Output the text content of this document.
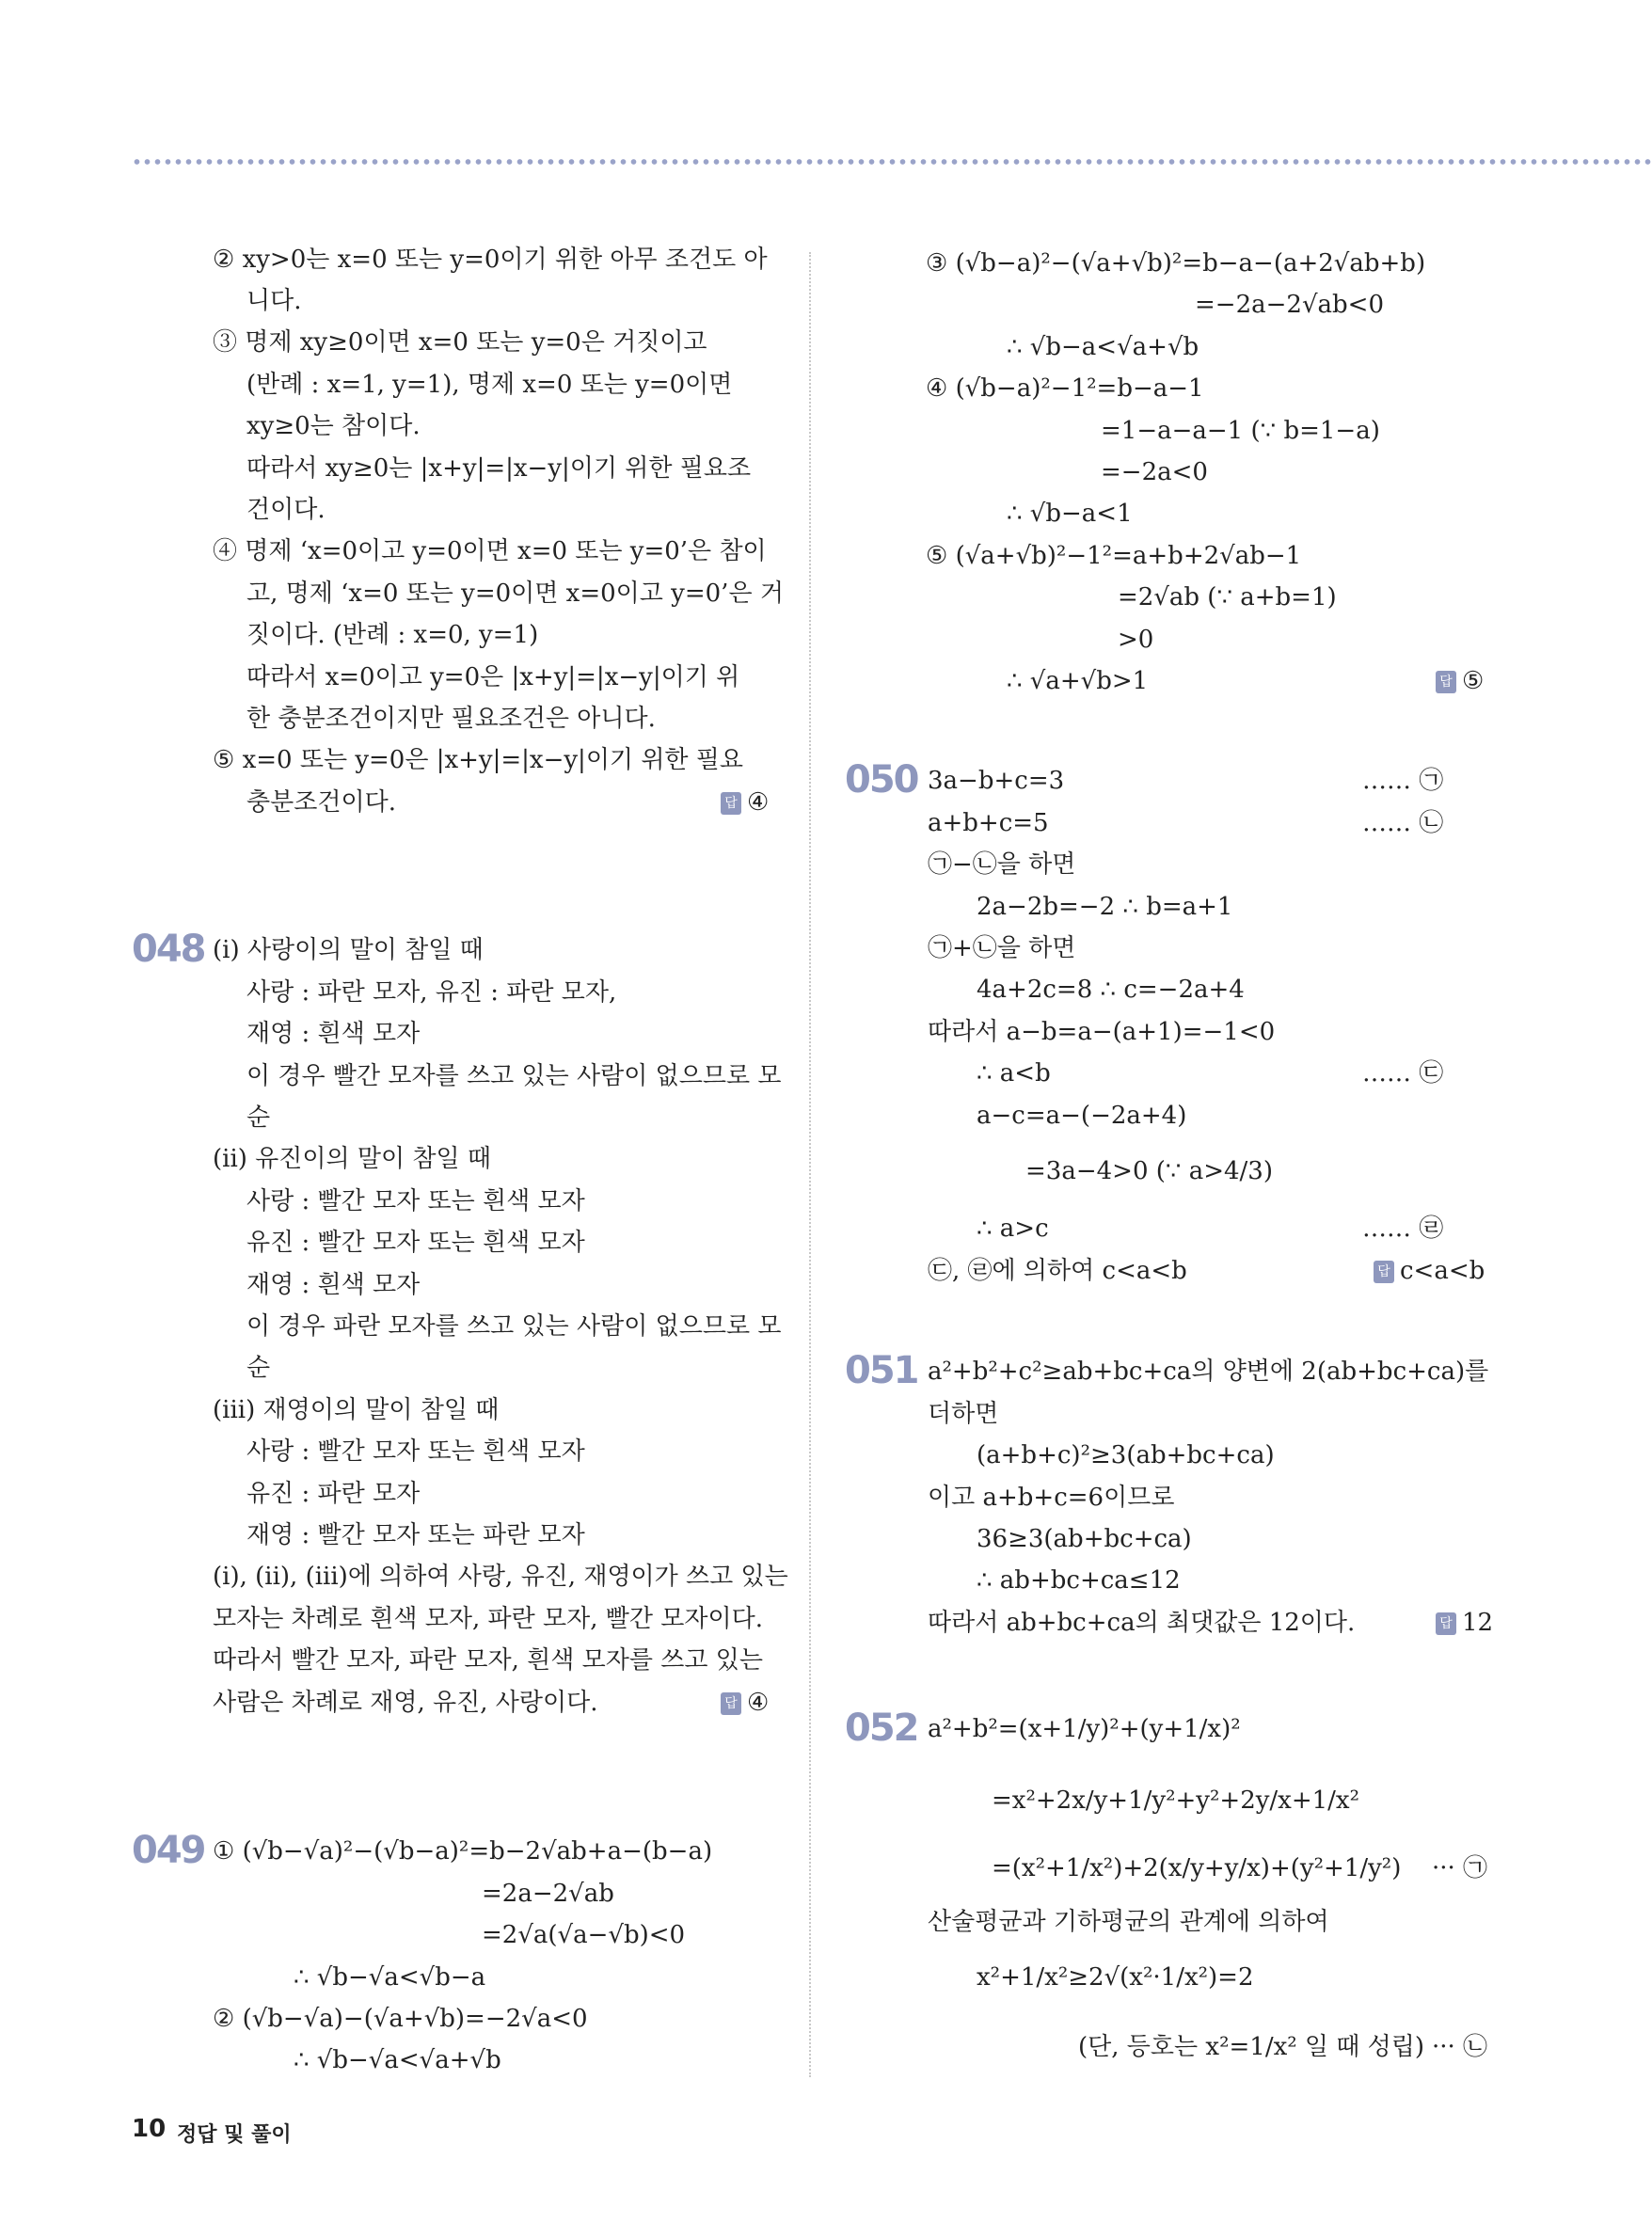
② xy>0는 x=0 또는 y=0이기 위한 아무 조건도 아
니다.
③ 명제 xy≥0이면 x=0 또는 y=0은 거짓이고
(반례 : x=1, y=1), 명제 x=0 또는 y=0이면
xy≥0는 참이다.
따라서 xy≥0는 |x+y|=|x−y|이기 위한 필요조
건이다.
④ 명제 ‘x=0이고 y=0이면 x=0 또는 y=0’은 참이
고, 명제 ‘x=0 또는 y=0이면 x=0이고 y=0’은 거
짓이다. (반례 : x=0, y=1)
따라서 x=0이고 y=0은 |x+y|=|x−y|이기 위
한 충분조건이지만 필요조건은 아니다.
⑤ x=0 또는 y=0은 |x+y|=|x−y|이기 위한 필요
충분조건이다.	답 ④
048 (i) 사랑이의 말이 참일 때
사랑 : 파란 모자, 유진 : 파란 모자,
재영 : 흰색 모자
이 경우 빨간 모자를 쓰고 있는 사람이 없으므로 모
순
(ii) 유진이의 말이 참일 때
사랑 : 빨간 모자 또는 흰색 모자
유진 : 빨간 모자 또는 흰색 모자
재영 : 흰색 모자
이 경우 파란 모자를 쓰고 있는 사람이 없으므로 모
순
(iii) 재영이의 말이 참일 때
사랑 : 빨간 모자 또는 흰색 모자
유진 : 파란 모자
재영 : 빨간 모자 또는 파란 모자
(i), (ii), (iii)에 의하여 사랑, 유진, 재영이가 쓰고 있는
모자는 차례로 흰색 모자, 파란 모자, 빨간 모자이다.
따라서 빨간 모자, 파란 모자, 흰색 모자를 쓰고 있는
사람은 차례로 재영, 유진, 사랑이다.	답 ④
049 ① (√b−√a)²−(√b−a)²=b−2√ab+a−(b−a)
=2a−2√ab
=2√a(√a−√b)<0
∴ √b−√a<√b−a
② (√b−√a)−(√a+√b)=−2√a<0
∴ √b−√a<√a+√b
③ (√b−a)²−(√a+√b)²=b−a−(a+2√ab+b)
=−2a−2√ab<0
∴ √b−a<√a+√b
④ (√b−a)²−1²=b−a−1
=1−a−a−1 (∵ b=1−a)
=−2a<0
∴ √b−a<1
⑤ (√a+√b)²−1²=a+b+2√ab−1
=2√ab (∵ a+b=1)
>0
∴ √a+√b>1	답 ⑤
050 3a−b+c=3	…… ㉠
a+b+c=5	…… ㉡
㉠−㉡을 하면
2a−2b=−2 ∴ b=a+1
㉠+㉡을 하면
4a+2c=8 ∴ c=−2a+4
따라서 a−b=a−(a+1)=−1<0
∴ a<b	…… ㉢
a−c=a−(−2a+4)
=3a−4>0 (∵ a>4/3)
∴ a>c	…… ㉣
㉢, ㉣에 의하여 c<a<b	답 c<a<b
051 a²+b²+c²≥ab+bc+ca의 양변에 2(ab+bc+ca)를
더하면
(a+b+c)²≥3(ab+bc+ca)
이고 a+b+c=6이므로
36≥3(ab+bc+ca)
∴ ab+bc+ca≤12
따라서 ab+bc+ca의 최댓값은 12이다.	답 12
052 a²+b²=(x+1/y)²+(y+1/x)²
=x²+2x/y+1/y²+y²+2y/x+1/x²
=(x²+1/x²)+2(x/y+y/x)+(y²+1/y²) ··· ㉠
산술평균과 기하평균의 관계에 의하여
x²+1/x²≥2√(x²·1/x²)=2
(단, 등호는 x²=1/x² 일 때 성립) ··· ㉡
10 정답 및 풀이
